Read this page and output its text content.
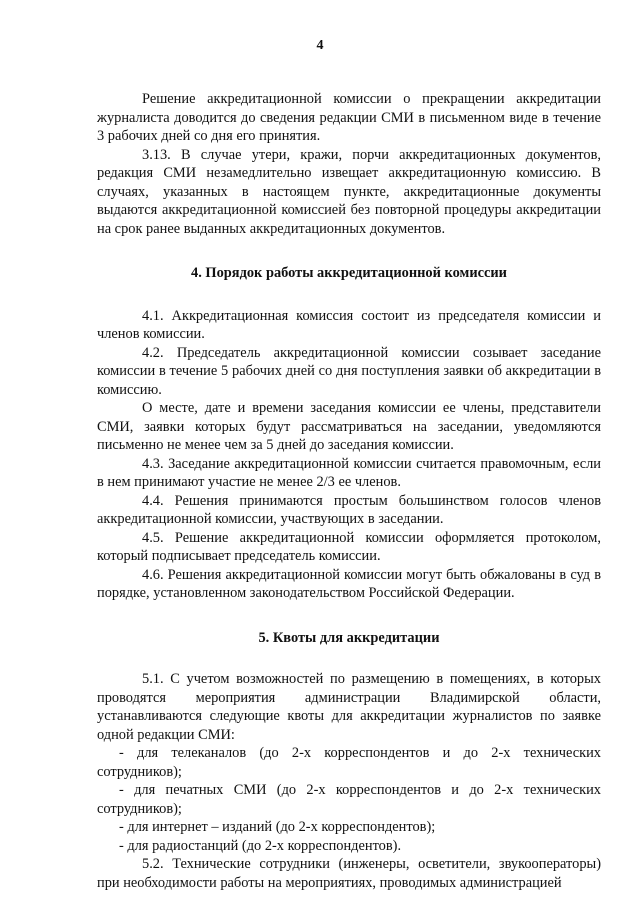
4

Решение аккредитационной комиссии о прекращении аккредитации журналиста доводится до сведения редакции СМИ в письменном виде в течение 3 рабочих дней со дня его принятия.

3.13. В случае утери, кражи, порчи аккредитационных документов, редакция СМИ незамедлительно извещает аккредитационную комиссию. В случаях, указанных в настоящем пункте, аккредитационные документы выдаются аккредитационной комиссией без повторной процедуры аккредитации на срок ранее выданных аккредитационных документов.

4. Порядок работы аккредитационной комиссии

4.1. Аккредитационная комиссия состоит из председателя комиссии и членов комиссии.

4.2. Председатель аккредитационной комиссии созывает заседание комиссии в течение 5 рабочих дней со дня поступления заявки об аккредитации в комиссию.

О месте, дате и времени заседания комиссии ее члены, представители СМИ, заявки которых будут рассматриваться на заседании, уведомляются письменно не менее чем за 5 дней до заседания комиссии.

4.3. Заседание аккредитационной комиссии считается правомочным, если в нем принимают участие не менее 2/3 ее членов.

4.4. Решения принимаются простым большинством голосов членов аккредитационной комиссии, участвующих в заседании.

4.5. Решение аккредитационной комиссии оформляется протоколом, который подписывает председатель комиссии.

4.6. Решения аккредитационной комиссии могут быть обжалованы в суд в порядке, установленном законодательством Российской Федерации.

5. Квоты для аккредитации

5.1. С учетом возможностей по размещению в помещениях, в которых проводятся мероприятия администрации Владимирской области, устанавливаются следующие квоты для аккредитации журналистов по заявке одной редакции СМИ:

- для телеканалов (до 2-х корреспондентов и до 2-х технических сотрудников);
- для печатных СМИ (до 2-х корреспондентов и до 2-х технических сотрудников);
- для интернет – изданий (до 2-х корреспондентов);
- для радиостанций (до 2-х корреспондентов).

5.2. Технические сотрудники (инженеры, осветители, звукооператоры) при необходимости работы на мероприятиях, проводимых администрацией
